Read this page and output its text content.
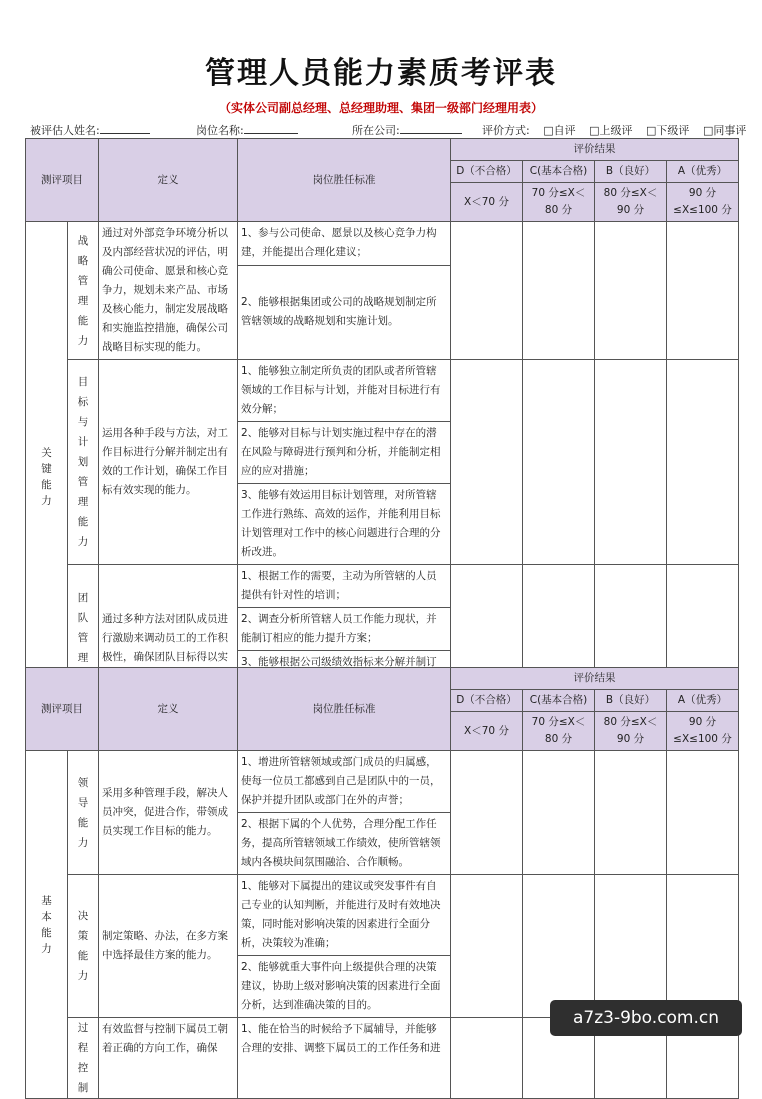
管理人员能力素质考评表
（实体公司副总经理、总经理助理、集团一级部门经理用表）
被评估人姓名:	岗位名称:	所在公司:	评价方式: □自评 □上级评 □下级评 □同事评
测评项目		定义	岗位胜任标准	评价结果			
				D（不合格）	C(基本合格)	B（良好）	A（优秀）
				X＜70 分	70 分≤X＜80 分	80 分≤X＜90 分	90 分≤X≤100 分

关键能力	战略管理能力	通过对外部竞争环境分析以及内部经营状况的评估，明确公司使命、愿景和核心竞争力，规划未来产品、市场及核心能力，制定发展战略和实施监控措施，确保公司战略目标实现的能力。	1、参与公司使命、愿景以及核心竞争力构建，并能提出合理化建议；				
			2、能够根据集团或公司的战略规划制定所管辖领域的战略规划和实施计划。				
	目标与计划管理能力	运用各种手段与方法，对工作目标进行分解并制定出有效的工作计划，确保工作目标有效实现的能力。	1、能够独立制定所负责的团队或者所管辖领域的工作目标与计划，并能对目标进行有效分解；				
			2、能够对目标与计划实施过程中存在的潜在风险与障碍进行预判和分析，并能制定相应的应对措施；				
			3、能够有效运用目标计划管理，对所管辖工作进行熟练、高效的运作，并能利用目标计划管理对工作中的核心问题进行合理的分析改进。				
	团队管理	通过多种方法对团队成员进行激励来调动员工的工作积极性，确保团队目标得以实	1、根据工作的需要，主动为所管辖的人员提供有针对性的培训；				
			2、调查分析所管辖人员工作能力现状，并能制订相应的能力提升方案；				
			3、能够根据公司级绩效指标来分解并制订				
测评项目		定义	岗位胜任标准	评价结果			
				D（不合格）	C(基本合格)	B（良好）	A（优秀）
				X＜70 分	70 分≤X＜80 分	80 分≤X＜90 分	90 分≤X≤100 分

基本能力	领导能力	采用多种管理手段，解决人员冲突，促进合作，带领成员实现工作目标的能力。	1、增进所管辖领域或部门成员的归属感，使每一位员工都感到自己是团队中的一员，保护并提升团队或部门在外的声誉；				
			2、根据下属的个人优势，合理分配工作任务，提高所管辖领域工作绩效，使所管辖领域内各模块间氛围融洽、合作顺畅。				
	决策能力	制定策略、办法，在多方案中选择最佳方案的能力。	1、能够对下属提出的建议或突发事件有自己专业的认知判断，并能进行及时有效地决策，同时能对影响决策的因素进行全面分析，决策较为准确；				
			2、能够就重大事件向上级提供合理的决策建议，协助上级对影响决策的因素进行全面分析，达到准确决策的目的。				
	过程控制	有效监督与控制下属员工朝着正确的方向工作，确保	1、能在恰当的时候给予下属辅导，并能够合理的安排、调整下属员工的工作任务和进				
a7z3-9bo.com.cn
